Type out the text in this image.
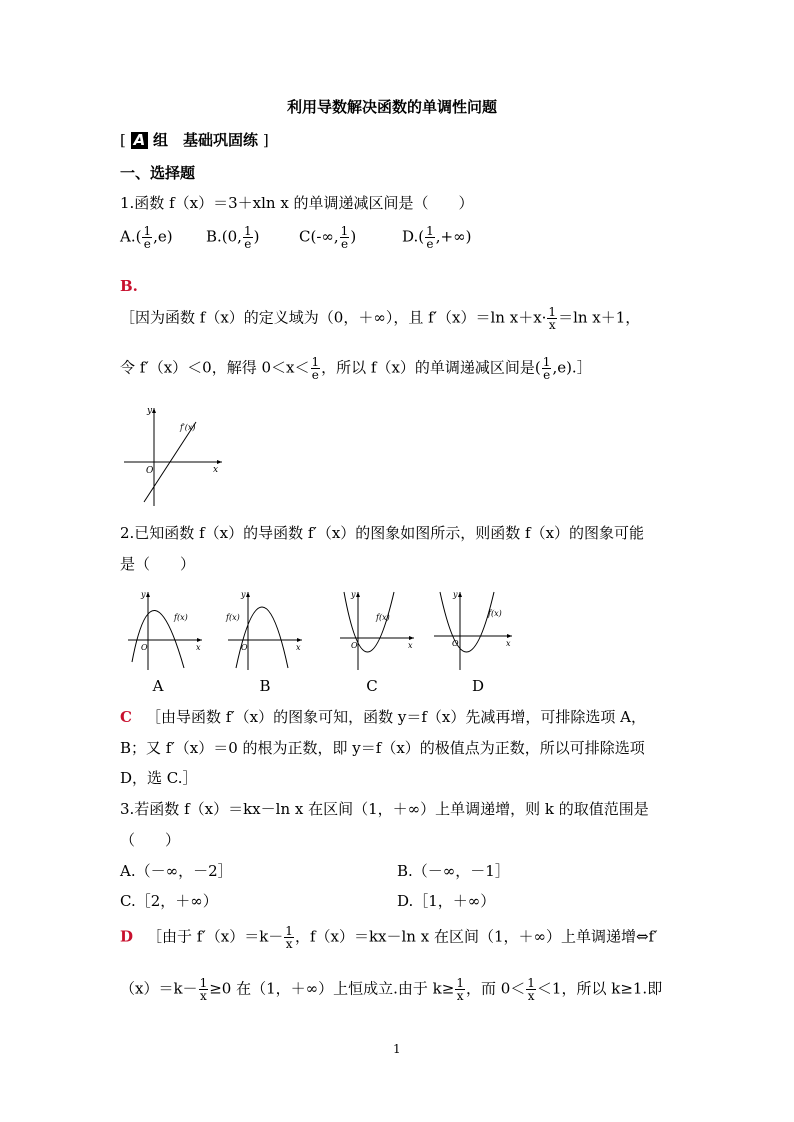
利用导数解决函数的单调性问题
[ A 组　基础巩固练 ]
一、选择题
1.函数 f（x）＝3＋xln x 的单调递减区间是（　　）
$A.( \frac{1}{e} ,e)$ B.(0, $\frac{1}{e}$ )	C(-∞, $\frac{1}{e}$ )	$D.( \frac{1}{e}$ ,+∞)
B.
［因为函数 f（x）的定义域为（0，＋∞），且 f′（x）＝ln $x+x\cdot \frac{1}{x} =\ln$ x＋1，
令 f′（x）＜0，解得 $0<x< \frac{1}{e}$ ，所以 f（x）的单调递减区间是( $\frac{1}{e}$ ,e).］
y
x
O
f′(x)
2.已知函数 f（x）的导函数 f′（x）的图象如图所示，则函数 f（x）的图象可能
是（　　）
y
x
O
f(x)
A
y
x
O
f(x)
B
y
x
O
f(x)
C
y
x
O
f(x)
D
C ［由导函数 f′（x）的图象可知，函数 y＝f（x）先减再增，可排除选项 A，
B；又 f′（x）＝0 的根为正数，即 y＝f（x）的极值点为正数，所以可排除选项
D，选 C.］
3.若函数 f（x）＝kx－ln x 在区间（1，＋∞）上单调递增，则 k 的取值范围是
（　　）
A.（－∞，－2］	B.（－∞，－1］
C.［2，＋∞）	D.［1，＋∞）
D ［由于 $f'(x)=k- \frac{1}{x}$ ，f（x）＝kx－ln x 在区间（1，＋∞）上单调递增⇔f′
$(x)=k- \frac{1}{x} \ge 0$ 在（1，＋∞）上恒成立.由于 $k\ge \frac{1}{x}$ ，而 $0< \frac{1}{x} <1$，所以 k≥1.即
1
